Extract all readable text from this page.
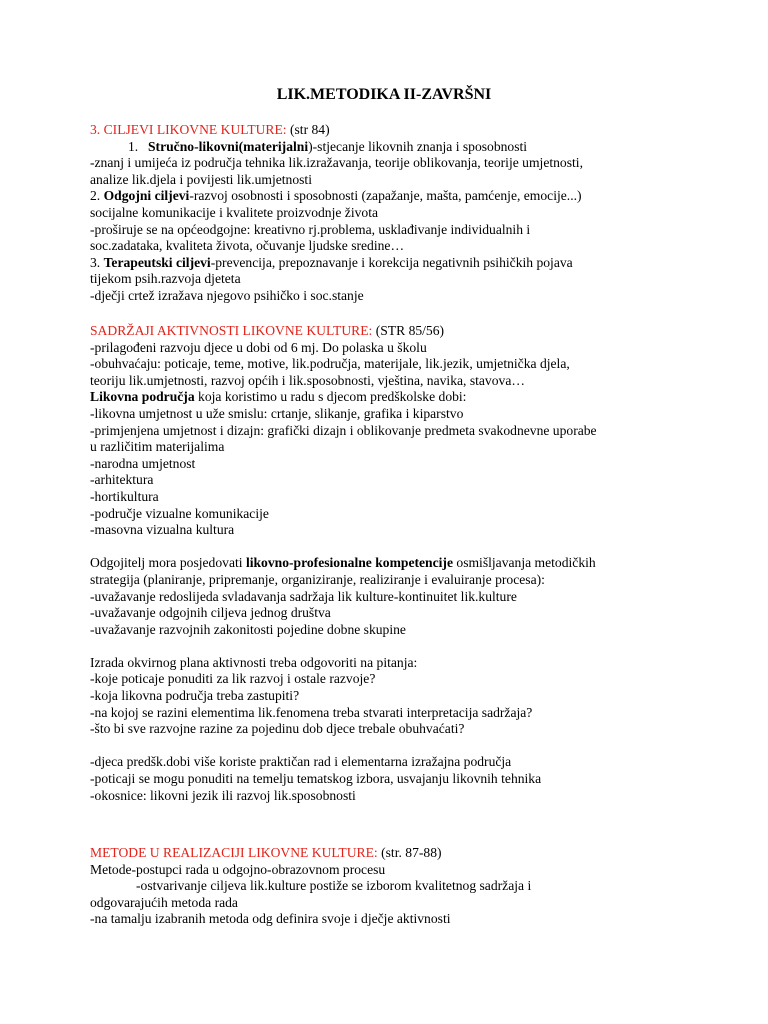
LIK.METODIKA II-ZAVRŠNI
3. CILJEVI LIKOVNE KULTURE: (str 84)
1. Stručno-likovni(materijalni)-stjecanje likovnih znanja i sposobnosti
-znanj i umijeća iz područja tehnika lik.izražavanja, teorije oblikovanja, teorije umjetnosti,
analize lik.djela i povijesti lik.umjetnosti
2. Odgojni ciljevi-razvoj osobnosti i sposobnosti (zapažanje, mašta, pamćenje, emocije...)
socijalne komunikacije i kvalitete proizvodnje života
-proširuje se na općeodgojne: kreativno rj.problema, usklađivanje individualnih i
soc.zadataka, kvaliteta života, očuvanje ljudske sredine…
3. Terapeutski ciljevi-prevencija, prepoznavanje i korekcija negativnih psihičkih pojava
tijekom psih.razvoja djeteta
-dječji crtež izražava njegovo psihičko i soc.stanje
SADRŽAJI AKTIVNOSTI LIKOVNE KULTURE: (STR 85/56)
-prilagođeni razvoju djece u dobi od 6 mj. Do polaska u školu
-obuhvaćaju: poticaje, teme, motive, lik.područja, materijale, lik.jezik, umjetnička djela,
teoriju lik.umjetnosti, razvoj općih i lik.sposobnosti, vještina, navika, stavova…
Likovna područja koja koristimo u radu s djecom predškolske dobi:
-likovna umjetnost u uže smislu: crtanje, slikanje, grafika i kiparstvo
-primjenjena umjetnost i dizajn: grafički dizajn i oblikovanje predmeta svakodnevne uporabe
u različitim materijalima
-narodna umjetnost
-arhitektura
-hortikultura
-područje vizualne komunikacije
-masovna vizualna kultura
Odgojitelj mora posjedovati likovno-profesionalne kompetencije osmišljavanja metodičkih
strategija (planiranje, pripremanje, organiziranje, realiziranje i evaluiranje procesa):
-uvažavanje redoslijeda svladavanja sadržaja lik kulture-kontinuitet lik.kulture
-uvažavanje odgojnih ciljeva jednog društva
-uvažavanje razvojnih zakonitosti pojedine dobne skupine
Izrada okvirnog plana aktivnosti treba odgovoriti na pitanja:
-koje poticaje ponuditi za lik razvoj i ostale razvoje?
-koja likovna područja treba zastupiti?
-na kojoj se razini elementima lik.fenomena treba stvarati interpretacija sadržaja?
-što bi sve razvojne razine za pojedinu dob djece trebale obuhvaćati?
-djeca predšk.dobi više koriste praktičan rad i elementarna izražajna područja
-poticaji se mogu ponuditi na temelju tematskog izbora, usvajanju likovnih tehnika
-okosnice: likovni jezik ili razvoj lik.sposobnosti
METODE U REALIZACIJI LIKOVNE KULTURE: (str. 87-88)
Metode-postupci rada u odgojno-obrazovnom procesu
-ostvarivanje ciljeva lik.kulture postiže se izborom kvalitetnog sadržaja i
odgovarajućih metoda rada
-na tamalju izabranih metoda odg definira svoje i dječje aktivnosti
